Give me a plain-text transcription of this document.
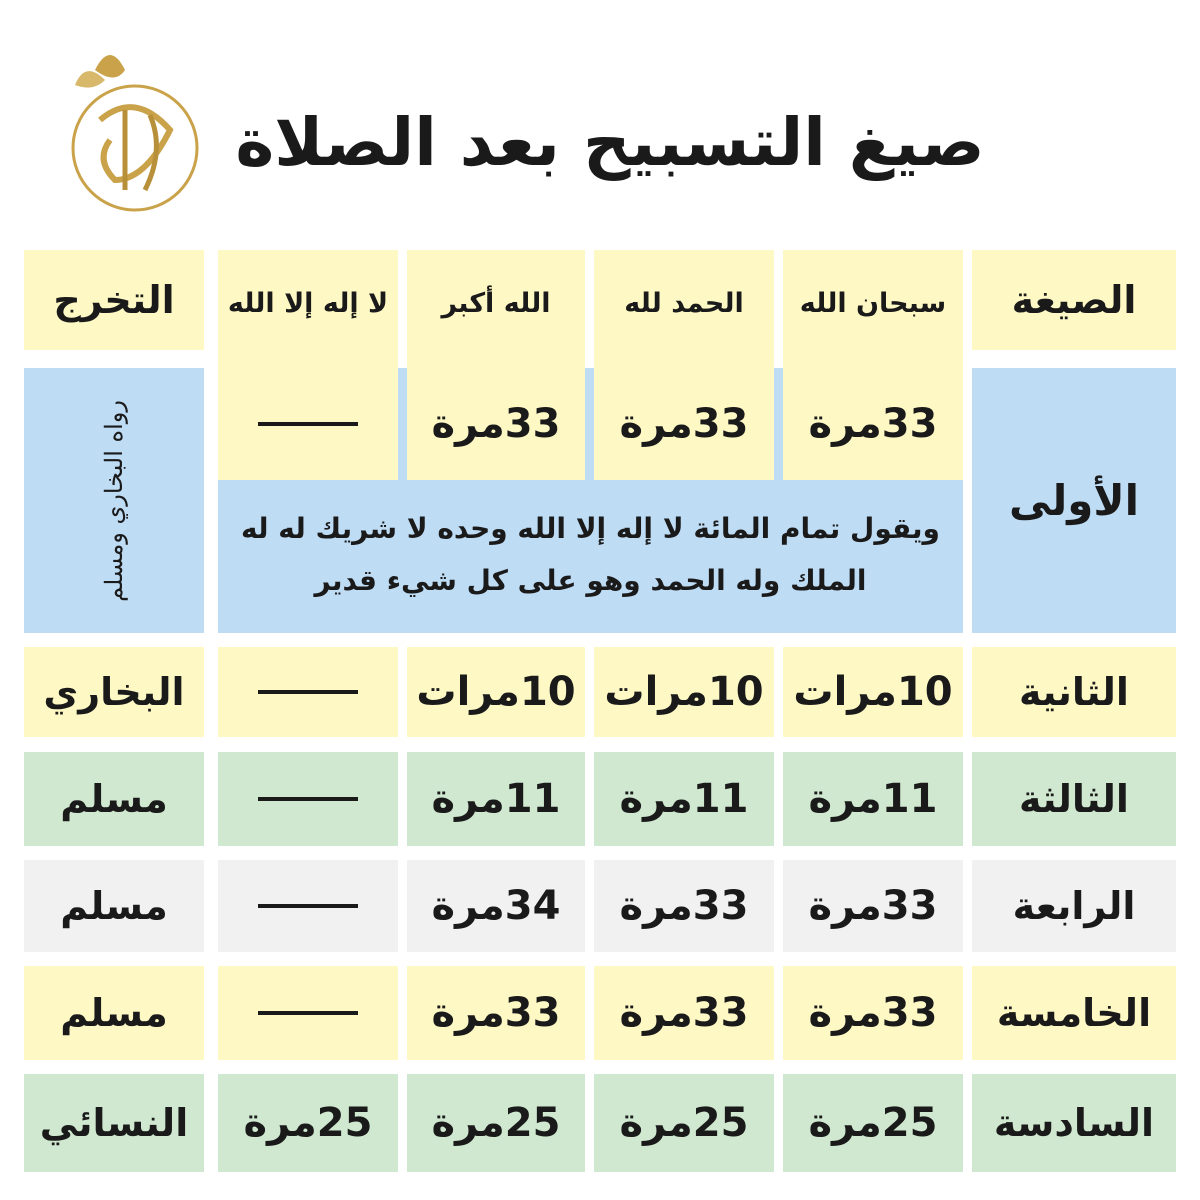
صيغ التسبيح بعد الصلاة
الصيغة
سبحان الله
الحمد لله
الله أكبر
لا إله إلا الله
التخرج
الأولى
رواه البخاري ومسلم	33مرة
33مرة
33مرة
ويقول تمام المائة لا إله إلا الله وحده لا شريك له له الملك وله الحمد وهو على كل شيء قدير
الثانية
10مرات
10مرات
10مرات
البخاري
الثالثة
11مرة
11مرة
11مرة
مسلم
الرابعة
33مرة
33مرة
34مرة
مسلم
الخامسة
33مرة
33مرة
33مرة
مسلم
السادسة
25مرة
25مرة
25مرة
25مرة
النسائي
